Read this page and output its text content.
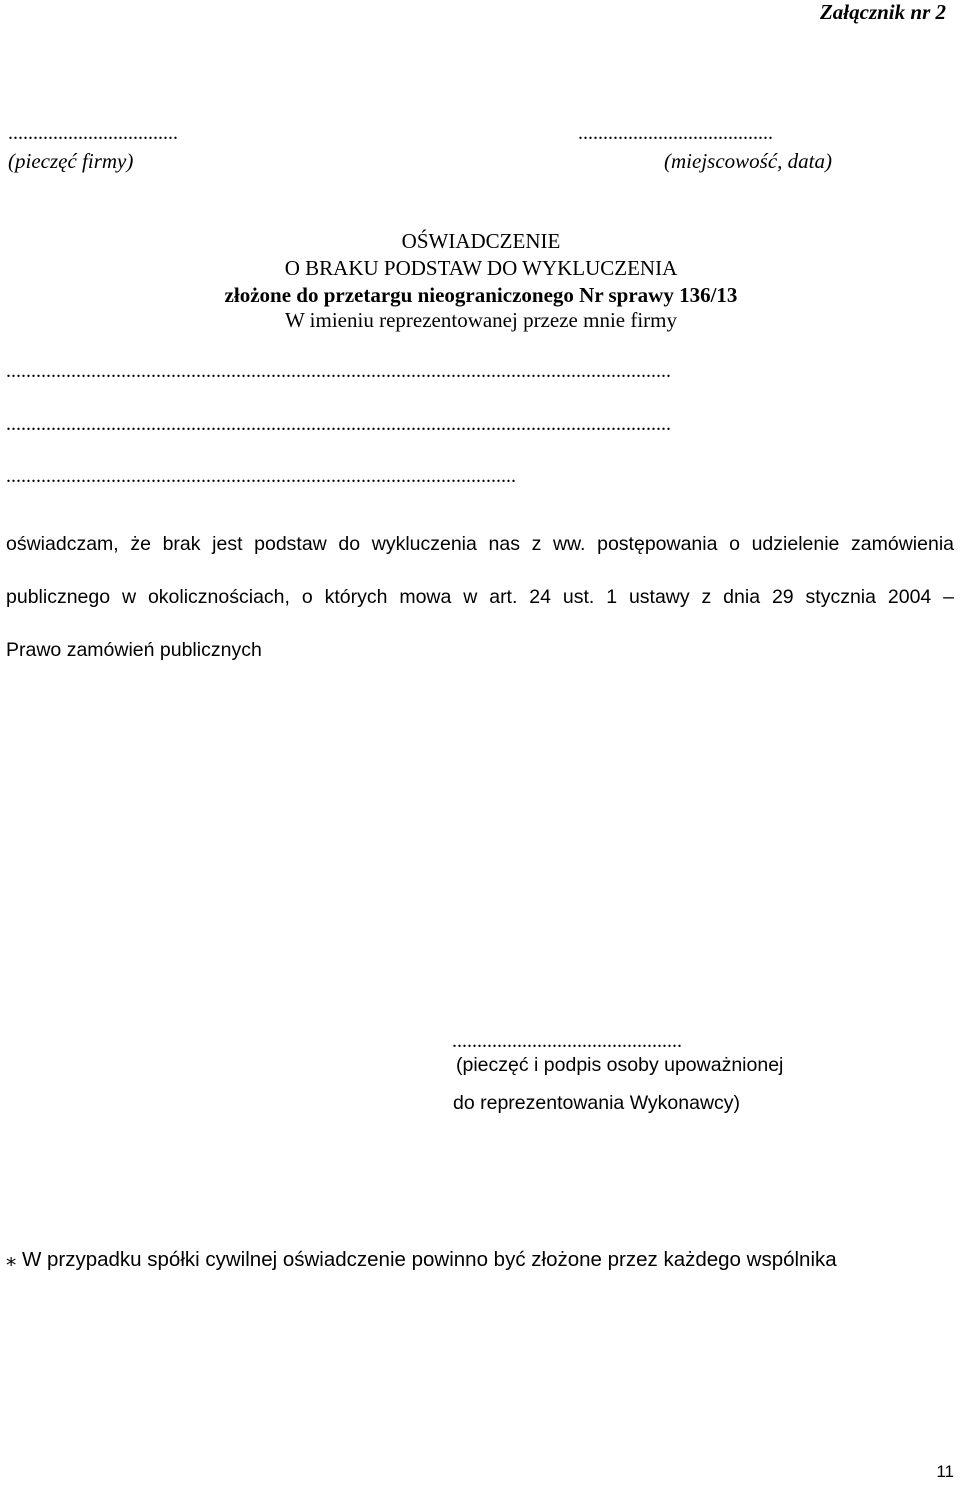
Załącznik nr 2
..................................	.......................................
(pieczęć firmy)	(miejscowość, data)
OŚWIADCZENIE
O BRAKU PODSTAW DO WYKLUCZENIA
złożone do przetargu nieograniczonego Nr sprawy 136/13
W imieniu reprezentowanej przeze mnie firmy
.....................................................................................................................................
.....................................................................................................................................
......................................................................................................
oświadczam, że brak jest podstaw do wykluczenia nas z ww. postępowania o udzielenie zamówienia
publicznego w okolicznościach, o których mowa w art. 24 ust. 1 ustawy z dnia 29 stycznia 2004 –
Prawo zamówień publicznych
..............................................
(pieczęć i podpis osoby upoważnionej
do reprezentowania Wykonawcy)
⁎ W przypadku spółki cywilnej oświadczenie powinno być złożone przez każdego wspólnika
11
